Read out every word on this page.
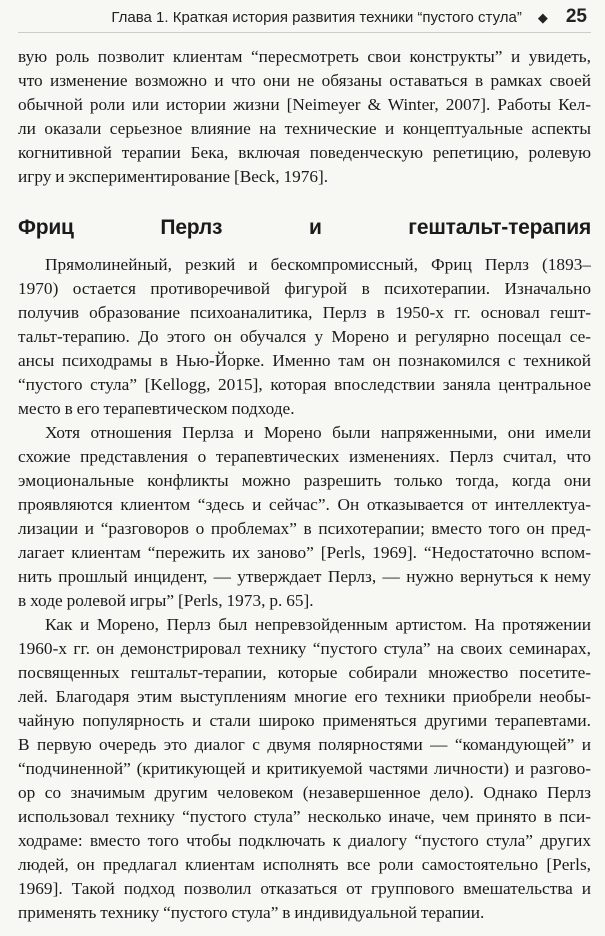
Глава 1. Краткая история развития техники “пустого стула” ◆ 25
вую роль позволит клиентам “пересмотреть свои конструкты” и увидеть,
что изменение возможно и что они не обязаны оставаться в рамках своей
обычной роли или истории жизни [Neimeyer & Winter, 2007]. Работы Кел-
ли оказали серьезное влияние на технические и концептуальные аспекты
когнитивной терапии Бека, включая поведенческую репетицию, ролевую
игру и экспериментирование [Beck, 1976].
Фриц Перлз и гештальт-терапия
Прямолинейный, резкий и бескомпромиссный, Фриц Перлз (1893–
1970) остается противоречивой фигурой в психотерапии. Изначально
получив образование психоаналитика, Перлз в 1950-х гг. основал гешт-
тальт-терапию. До этого он обучался у Морено и регулярно посещал се-
ансы психодрамы в Нью-Йорке. Именно там он познакомился с техникой
“пустого стула” [Kellogg, 2015], которая впоследствии заняла центральное
место в его терапевтическом подходе.
Хотя отношения Перлза и Морено были напряженными, они имели
схожие представления о терапевтических изменениях. Перлз считал, что
эмоциональные конфликты можно разрешить только тогда, когда они
проявляются клиентом “здесь и сейчас”. Он отказывается от интеллектуа-
лизации и “разговоров о проблемах” в психотерапии; вместо того он пред-
лагает клиентам “пережить их заново” [Perls, 1969]. “Недостаточно вспом-
нить прошлый инцидент, — утверждает Перлз, — нужно вернуться к нему
в ходе ролевой игры” [Perls, 1973, p. 65].
Как и Морено, Перлз был непревзойденным артистом. На протяжении
1960-х гг. он демонстрировал технику “пустого стула” на своих семинарах,
посвященных гештальт-терапии, которые собирали множество посетите-
лей. Благодаря этим выступлениям многие его техники приобрели необы-
чайную популярность и стали широко применяться другими терапевтами.
В первую очередь это диалог с двумя полярностями — “командующей” и
“подчиненной” (критикующей и критикуемой частями личности) и разгово-
ор со значимым другим человеком (незавершенное дело). Однако Перлз
использовал технику “пустого стула” несколько иначе, чем принято в пси-
ходраме: вместо того чтобы подключать к диалогу “пустого стула” других
людей, он предлагал клиентам исполнять все роли самостоятельно [Perls,
1969]. Такой подход позволил отказаться от группового вмешательства и
применять технику “пустого стула” в индивидуальной терапии.
